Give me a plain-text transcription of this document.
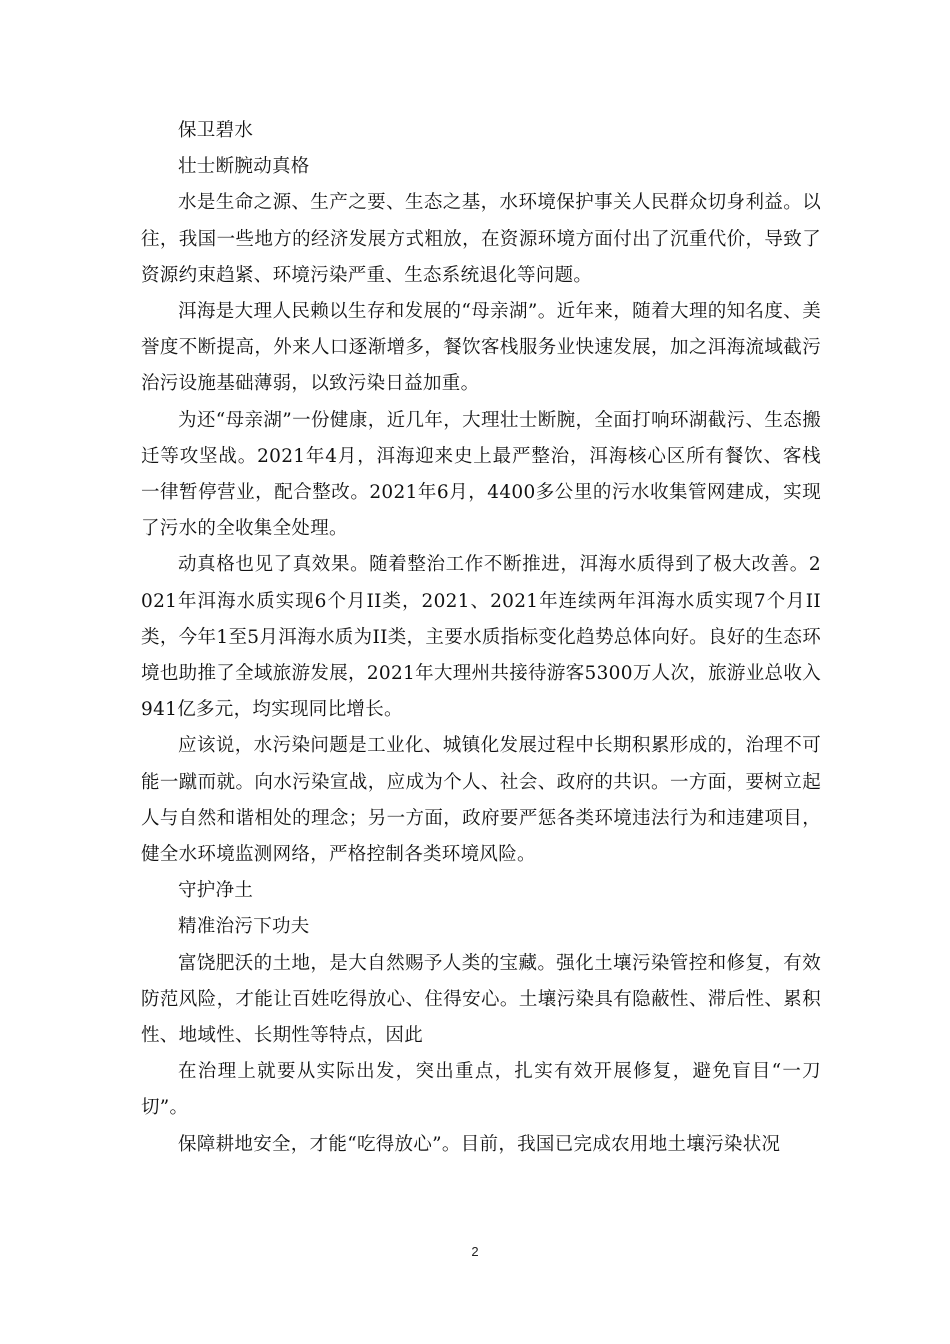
保卫碧水

壮士断腕动真格

水是生命之源、生产之要、生态之基，水环境保护事关人民群众切身利益。以往，我国一些地方的经济发展方式粗放，在资源环境方面付出了沉重代价，导致了资源约束趋紧、环境污染严重、生态系统退化等问题。

洱海是大理人民赖以生存和发展的“母亲湖”。近年来，随着大理的知名度、美誉度不断提高，外来人口逐渐增多，餐饮客栈服务业快速发展，加之洱海流域截污治污设施基础薄弱，以致污染日益加重。

为还“母亲湖”一份健康，近几年，大理壮士断腕，全面打响环湖截污、生态搬迁等攻坚战。2021年4月，洱海迎来史上最严整治，洱海核心区所有餐饮、客栈一律暂停营业，配合整改。2021年6月，4400多公里的污水收集管网建成，实现了污水的全收集全处理。

动真格也见了真效果。随着整治工作不断推进，洱海水质得到了极大改善。2021年洱海水质实现6个月II类，2021、2021年连续两年洱海水质实现7个月II类，今年1至5月洱海水质为II类，主要水质指标变化趋势总体向好。良好的生态环境也助推了全域旅游发展，2021年大理州共接待游客5300万人次，旅游业总收入941亿多元，均实现同比增长。

应该说，水污染问题是工业化、城镇化发展过程中长期积累形成的，治理不可能一蹴而就。向水污染宣战，应成为个人、社会、政府的共识。一方面，要树立起人与自然和谐相处的理念；另一方面，政府要严惩各类环境违法行为和违建项目，健全水环境监测网络，严格控制各类环境风险。

守护净土

精准治污下功夫

富饶肥沃的土地，是大自然赐予人类的宝藏。强化土壤污染管控和修复，有效防范风险，才能让百姓吃得放心、住得安心。土壤污染具有隐蔽性、滞后性、累积性、地域性、长期性等特点，因此

在治理上就要从实际出发，突出重点，扎实有效开展修复，避免盲目“一刀切”。

保障耕地安全，才能“吃得放心”。目前，我国已完成农用地土壤污染状况

2
